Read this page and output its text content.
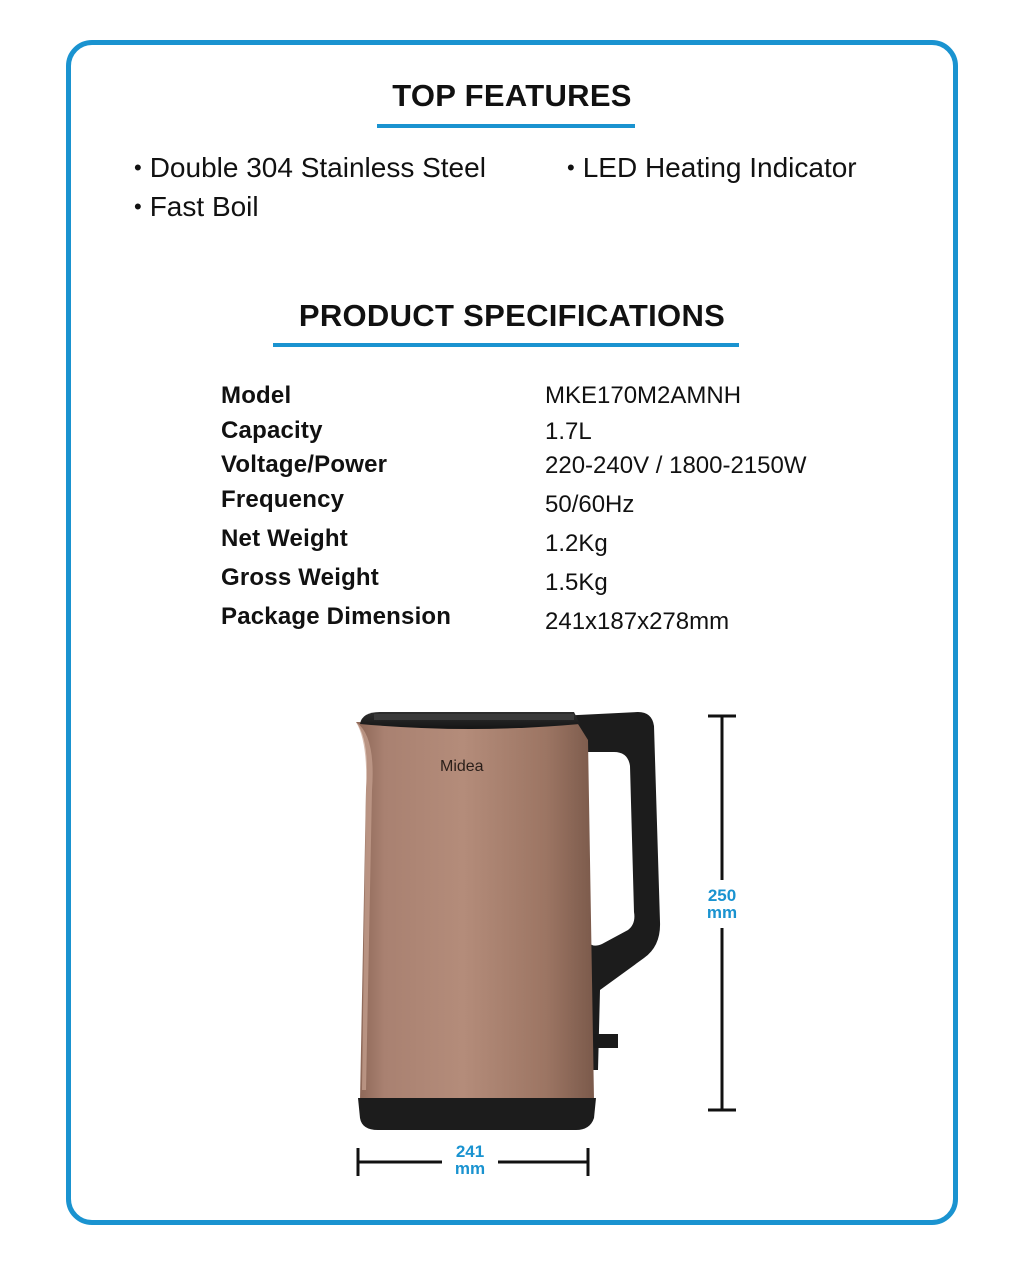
TOP FEATURES
• Double 304 Stainless Steel	• LED Heating Indicator
• Fast Boil
PRODUCT SPECIFICATIONS
Model	MKE170M2AMNH
Capacity	1.7L
Voltage/Power	220-240V / 1800-2150W
Frequency	50/60Hz
Net Weight	1.2Kg
Gross Weight	1.5Kg
Package Dimension	241x187x278mm
Midea
250
mm
241
mm
